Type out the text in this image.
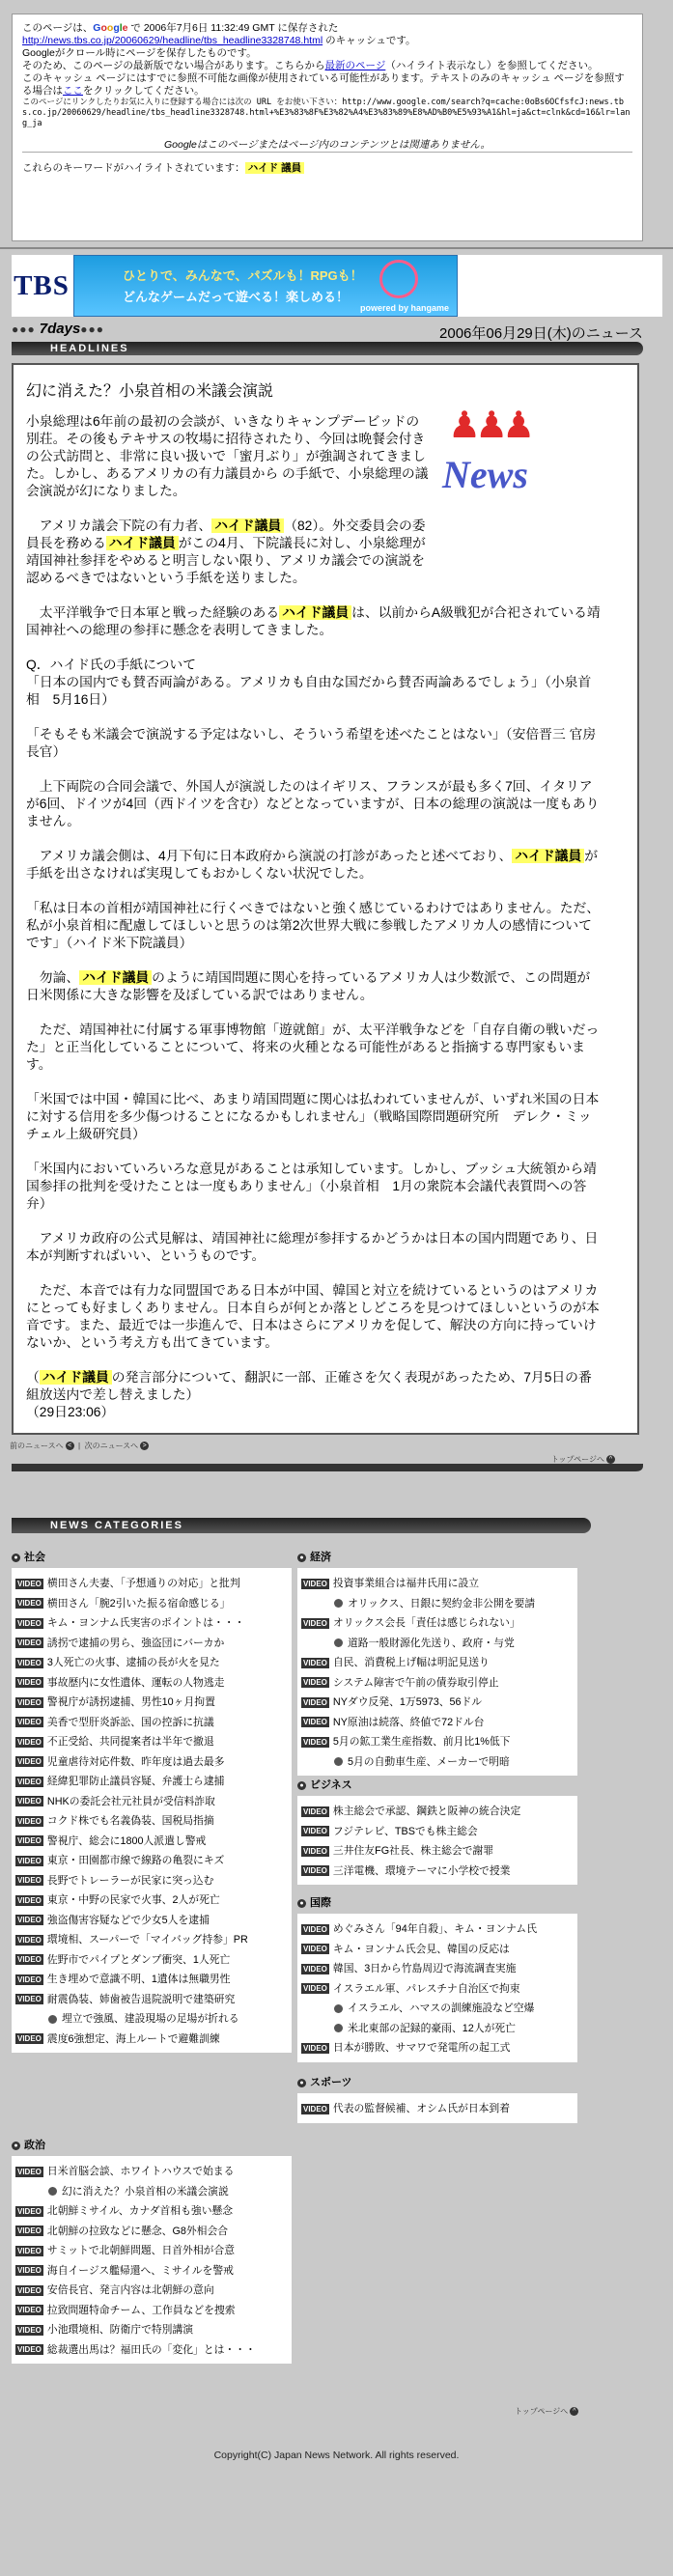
このページは、Google で 2006年7月6日 11:32:49 GMT に保存された

http://news.tbs.co.jp/20060629/headline/tbs_headline3328748.html のキャッシュです。

Googleがクロール時にページを保存したものです。

そのため、このページの最新版でない場合があります。こちらから最新のページ（ハイライト表示なし）を参照してください。

このキャッシュ ページにはすでに参照不可能な画像が使用されている可能性があります。テキストのみのキャッシュ ページを参照する場合はここをクリックしてください。

このページにリンクしたりお気に入りに登録する場合には次の URL をお使い下さい：http://www.google.com/search?q=cache:0oBs6OCfsfcJ:news.tbs.co.jp/20060629/headline/tbs_headline3328748.html+%E3%83%8F%E3%82%A4%E3%83%89%E8%AD%B0%E5%93%A1&hl=ja&ct=clnk&cd=16&lr=lang_ja

Googleはこのページまたはページ内のコンテンツとは関連ありません。

これらのキーワードがハイライトされています： ハイド 議員

TBS	ひとりで、みんなで、パズルも！RPGも！
どんなゲームだって遊べる！楽しめる！
powered by hangame
●●● 7days●●●	2006年06月29日(木)のニュース
HEADLINES
幻に消えた？小泉首相の米議会演説
♟♟♟
News

小泉総理は6年前の最初の会談が、いきなりキャンプデービッドの別荘。その後もテキサスの牧場に招待されたり、今回は晩餐会付きの公式訪問と、非常に良い扱いで「蜜月ぶり」が強調されてきました。しかし、あるアメリカの有力議員から の手紙で、小泉総理の議会演説が幻になりました。

　アメリカ議会下院の有力者、 ハイド議員 （82）。外交委員会の委員長を務める ハイド議員 がこの4月、下院議長に対し、小泉総理が靖国神社参拝をやめると明言しない限り、アメリカ議会での演説を認めるべきではないという手紙を送りました。

　太平洋戦争で日本軍と戦った経験のある ハイド議員 は、以前からA級戦犯が合祀されている靖国神社への総理の参拝に懸念を表明してきました。

Q．ハイド氏の手紙について
「日本の国内でも賛否両論がある。アメリカも自由な国だから賛否両論あるでしょう」（小泉首相　5月16日）

「そもそも米議会で演説する予定はないし、そういう希望を述べたことはない」（安倍晋三 官房長官）

　上下両院の合同会議で、外国人が演説したのはイギリス、フランスが最も多く7回、イタリアが6回、ドイツが4回（西ドイツを含む）などとなっていますが、日本の総理の演説は一度もありません。

　アメリカ議会側は、4月下旬に日本政府から演説の打診があったと述べており、 ハイド議員 が手紙を出さなければ実現してもおかしくない状況でした。

「私は日本の首相が靖国神社に行くべきではないと強く感じているわけではありません。ただ、私が小泉首相に配慮してほしいと思うのは第2次世界大戦に参戦したアメリカ人の感情についてです」（ハイド米下院議員）

　勿論、 ハイド議員 のように靖国問題に関心を持っているアメリカ人は少数派で、この問題が日米関係に大きな影響を及ぼしている訳ではありません。

　ただ、靖国神社に付属する軍事博物館「遊就館」が、太平洋戦争などを「自存自衛の戦いだった」と正当化していることについて、将来の火種となる可能性があると指摘する専門家もいます。

「米国では中国・韓国に比べ、あまり靖国問題に関心は払われていませんが、いずれ米国の日本に対する信用を多少傷つけることになるかもしれません」（戦略国際問題研究所　デレク・ミッチェル上級研究員）

「米国内においていろいろな意見があることは承知しています。しかし、ブッシュ大統領から靖国参拝の批判を受けたことは一度もありません」（小泉首相　1月の衆院本会議代表質問への答弁）

　アメリカ政府の公式見解は、靖国神社に総理が参拝するかどうかは日本の国内問題であり、日本が判断すればいい、というものです。

　ただ、本音では有力な同盟国である日本が中国、韓国と対立を続けているというのはアメリカにとっても好ましくありません。日本自らが何とか落としどころを見つけてほしいというのが本音です。また、最近では一歩進んで、日本はさらにアメリカを促して、解決の方向に持っていけないか、という考え方も出てきています。

（ ハイド議員 の発言部分について、翻訳に一部、正確さを欠く表現があったため、7月5日の番組放送内で差し替えました）
（29日23:06）

前のニュースへ <  |  次のニュースへ >
トップページへ ^
NEWS CATEGORIES
● 社会
VIDEO 横田さん夫妻、「予想通りの対応」と批判
VIDEO 横田さん「腕2引いた振る宿命感じる」
VIDEO キム・ヨンナム氏実害のポイントは・・・
VIDEO 誘拐で逮捕の男ら、強盗団にバーカか
VIDEO 3人死亡の火事、逮捕の長が火を見た
VIDEO 事故歴内に女性遺体、運転の人物逃走
VIDEO 警視庁が誘拐逮捕、男性10ヶ月拘置
VIDEO 美香で型肝炎訴訟、国の控訴に抗議
VIDEO 不正受給、共同提案者は半年で撤退
VIDEO 児童虐待対応件数、昨年度は過去最多
VIDEO 経緯犯罪防止議員容疑、弁護士ら逮捕
VIDEO NHKの委託会社元社員が受信料詐取
VIDEO コクド株でも名義偽装、国税局指摘
VIDEO 警視庁、総会に1800人派遣し警戒
VIDEO 東京・田園都市線で線路の亀裂にキズ
VIDEO 長野でトレーラーが民家に突っ込む
VIDEO 東京・中野の民家で火事、2人が死亡
VIDEO 強盗傷害容疑などで少女5人を逮捕
VIDEO 環境相、スーパーで「マイバッグ持参」PR
VIDEO 佐野市でパイプとダンプ衝突、1人死亡
VIDEO 生き埋めで意識不明、1遺体は無職男性
VIDEO 耐震偽装、姉歯被告退院説明で建築研究
埋立で強風、建設現場の足場が折れる
VIDEO 震度6強想定、海上ルートで避難訓練
● 政治
VIDEO 日米首脳会談、ホワイトハウスで始まる
幻に消えた？小泉首相の米議会演説
VIDEO 北朝鮮ミサイル、カナダ首相も強い懸念
VIDEO 北朝鮮の拉致などに懸念、G8外相会合
VIDEO サミットで北朝鮮問題、日首外相が合意
VIDEO 海自イージス艦帰還へ、ミサイルを警戒
VIDEO 安倍長官、発言内容は北朝鮮の意向
VIDEO 拉致問題特命チーム、工作員などを捜索
VIDEO 小池環境相、防衛庁で特別講演
VIDEO 総裁選出馬は？福田氏の「変化」とは・・・
● 経済
VIDEO 投資事業組合は福井氏用に設立
オリックス、日銀に契約金非公開を要請
VIDEO オリックス会長「責任は感じられない」
道路一般財源化先送り、政府・与党
VIDEO 自民、消費税上げ幅は明記見送り
VIDEO システム障害で午前の債券取引停止
VIDEO NYダウ反発、1万5973、56ドル
VIDEO NY原油は続落、終値で72ドル台
VIDEO 5月の鉱工業生産指数、前月比1%低下
5月の自動車生産、メーカーで明暗
● ビジネス
VIDEO 株主総会で承認、鋼鉄と阪神の統合決定
VIDEO フジテレビ、TBSでも株主総会
VIDEO 三井住友FG社長、株主総会で謝罪
VIDEO 三洋電機、環境テーマに小学校で授業
● 国際
VIDEO めぐみさん「94年自殺」、キム・ヨンナム氏
VIDEO キム・ヨンナム氏会見、韓国の反応は
VIDEO 韓国、3日から竹島周辺で海流調査実施
VIDEO イスラエル軍、パレスチナ自治区で拘束
イスラエル、ハマスの訓練施設など空爆
米北東部の記録的豪雨、12人が死亡
VIDEO 日本が勝敗、サマワで発電所の起工式
● スポーツ
VIDEO 代表の監督候補、オシム氏が日本到着
トップページへ ^
Copyright(C) Japan News Network. All rights reserved.
